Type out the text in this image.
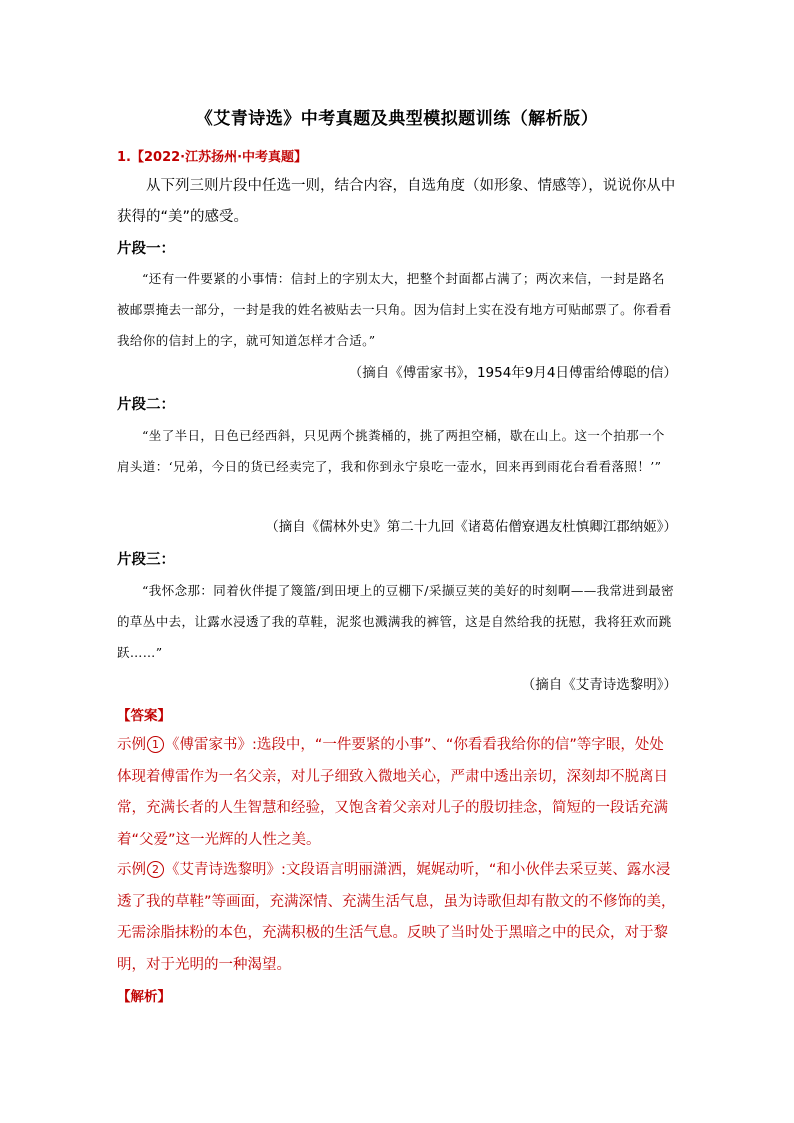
《艾青诗选》中考真题及典型模拟题训练（解析版）
1.【2022·江苏扬州·中考真题】
从下列三则片段中任选一则，结合内容，自选角度（如形象、情感等），说说你从中获得的“美”的感受。
片段一：
“还有一件要紧的小事情：信封上的字别太大，把整个封面都占满了；两次来信，一封是路名被邮票掩去一部分，一封是我的姓名被贴去一只角。因为信封上实在没有地方可贴邮票了。你看看我给你的信封上的字，就可知道怎样才合适。”
（摘自《傅雷家书》，1954年9月4日傅雷给傅聪的信）
片段二：
“坐了半日，日色已经西斜，只见两个挑粪桶的，挑了两担空桶，歇在山上。这一个拍那一个肩头道：‘兄弟，今日的货已经卖完了，我和你到永宁泉吃一壶水，回来再到雨花台看看落照！’”
（摘自《儒林外史》第二十九回《诸葛佑僧寮遇友杜慎卿江郡纳姬》）
片段三：
“我怀念那：同着伙伴提了篾篮/到田埂上的豆棚下/采撷豆荚的美好的时刻啊——我常进到最密的草丛中去，让露水浸透了我的草鞋，泥浆也溅满我的裤管，这是自然给我的抚慰，我将狂欢而跳跃……”
（摘自《艾青诗选黎明》）
【答案】
示例 1 《傅雷家书》:选段中，“一件要紧的小事”、“你看看我给你的信”等字眼，处处体现着傅雷作为一名父亲，对儿子细致入微地关心，严肃中透出亲切，深刻却不脱离日常，充满长者的人生智慧和经验，又饱含着父亲对儿子的殷切挂念，简短的一段话充满着“父爱”这一光辉的人性之美。
示例 2 《艾青诗选黎明》:文段语言明丽潇洒，娓娓动听，“和小伙伴去采豆荚、露水浸透了我的草鞋”等画面，充满深情、充满生活气息，虽为诗歌但却有散文的不修饰的美，无需涂脂抹粉的本色，充满积极的生活气息。反映了当时处于黑暗之中的民众，对于黎明，对于光明的一种渴望。
【解析】
